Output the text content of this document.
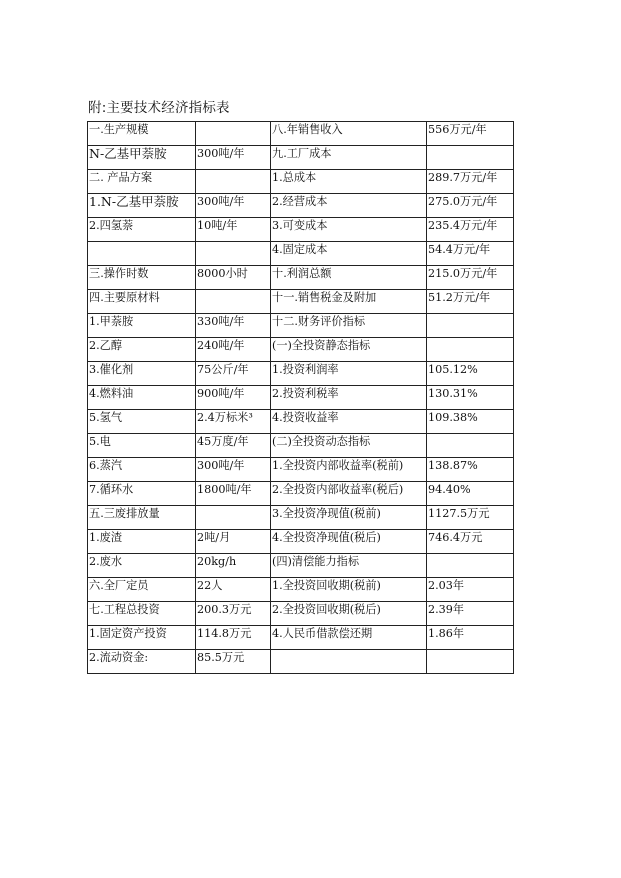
附:主要技术经济指标表
一.生产规模		八.年销售收入	556万元/年
N-乙基甲萘胺	300吨/年	九.工厂成本	
二. 产品方案		1.总成本	289.7万元/年
1.N-乙基甲萘胺	300吨/年	2.经营成本	275.0万元/年
2.四氢萘	10吨/年	3.可变成本	235.4万元/年
		4.固定成本	54.4万元/年
三.操作时数	8000小时	十.利润总额	215.0万元/年
四.主要原材料		十一.销售税金及附加	51.2万元/年
1.甲萘胺	330吨/年	十二.财务评价指标	
2.乙醇	240吨/年	(一)全投资静态指标	
3.催化剂	75公斤/年	1.投资利润率	105.12%
4.燃料油	900吨/年	2.投资利税率	130.31%
5.氢气	2.4万标米³	4.投资收益率	109.38%
5.电	45万度/年	(二)全投资动态指标	
6.蒸汽	300吨/年	1.全投资内部收益率(税前)	138.87%
7.循环水	1800吨/年	2.全投资内部收益率(税后)	94.40%
五.三废排放量		3.全投资净现值(税前)	1127.5万元
1.废渣	2吨/月	4.全投资净现值(税后)	746.4万元
2.废水	20kg/h	(四)清偿能力指标	
六.全厂定员	22人	1.全投资回收期(税前)	2.03年
七.工程总投资	200.3万元	2.全投资回收期(税后)	2.39年
1.固定资产投资	114.8万元	4.人民币借款偿还期	1.86年
2.流动资金:	85.5万元		
